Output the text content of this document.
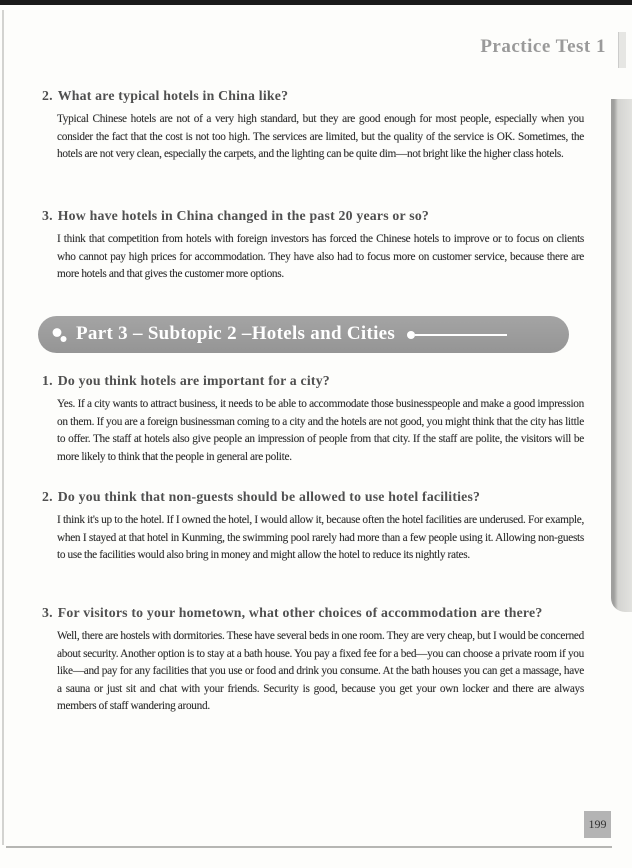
Practice Test 1
2. What are typical hotels in China like?

Typical Chinese hotels are not of a very high standard, but they are good enough for most people, especially when you consider the fact that the cost is not too high. The services are limited, but the quality of the service is OK. Sometimes, the hotels are not very clean, especially the carpets, and the lighting can be quite dim—not bright like the higher class hotels.

3. How have hotels in China changed in the past 20 years or so?

I think that competition from hotels with foreign investors has forced the Chinese hotels to improve or to focus on clients who cannot pay high prices for accommodation. They have also had to focus more on customer service, because there are more hotels and that gives the customer more options.

Part 3 – Subtopic 2 –Hotels and Cities
1. Do you think hotels are important for a city?

Yes. If a city wants to attract business, it needs to be able to accommodate those businesspeople and make a good impression on them. If you are a foreign businessman coming to a city and the hotels are not good, you might think that the city has little to offer. The staff at hotels also give people an impression of people from that city. If the staff are polite, the visitors will be more likely to think that the people in general are polite.

2. Do you think that non-guests should be allowed to use hotel facilities?

I think it's up to the hotel. If I owned the hotel, I would allow it, because often the hotel facilities are underused. For example, when I stayed at that hotel in Kunming, the swimming pool rarely had more than a few people using it. Allowing non-guests to use the facilities would also bring in money and might allow the hotel to reduce its nightly rates.

3. For visitors to your hometown, what other choices of accommodation are there?

Well, there are hostels with dormitories. These have several beds in one room. They are very cheap, but I would be concerned about security. Another option is to stay at a bath house. You pay a fixed fee for a bed—you can choose a private room if you like—and pay for any facilities that you use or food and drink you consume. At the bath houses you can get a massage, have a sauna or just sit and chat with your friends. Security is good, because you get your own locker and there are always members of staff wandering around.

199
